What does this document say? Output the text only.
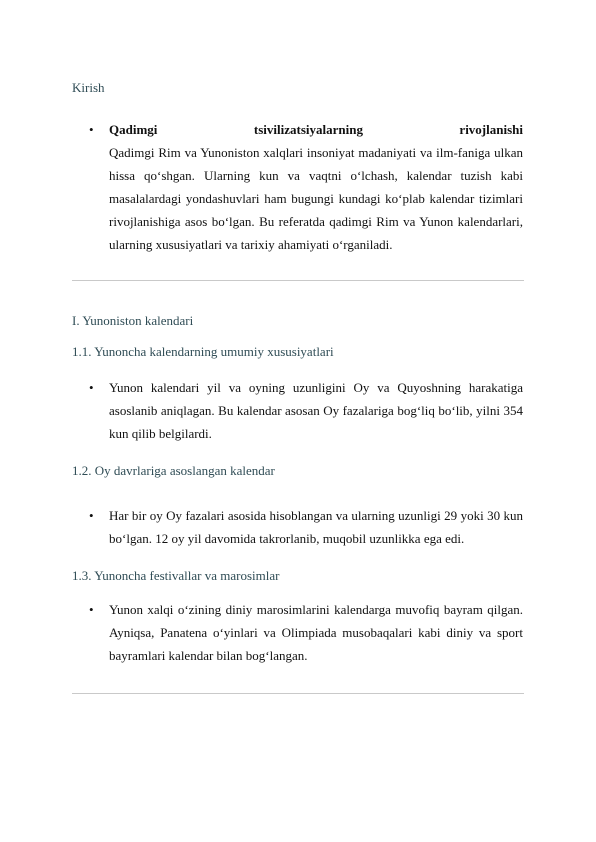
Kirish
• Qadimgi tsivilizatsiyalarning rivojlanishi
Qadimgi Rim va Yunoniston xalqlari insoniyat madaniyati va ilm-faniga ulkan hissa qo‘shgan. Ularning kun va vaqtni o‘lchash, kalendar tuzish kabi masalalardagi yondashuvlari ham bugungi kundagi ko‘plab kalendar tizimlari rivojlanishiga asos bo‘lgan. Bu referatda qadimgi Rim va Yunon kalendarlari, ularning xususiyatlari va tarixiy ahamiyati o‘rganiladi.
I. Yunoniston kalendari
1.1. Yunoncha kalendarning umumiy xususiyatlari
• Yunon kalendari yil va oyning uzunligini Oy va Quyoshning harakatiga asoslanib aniqlagan. Bu kalendar asosan Oy fazalariga bog‘liq bo‘lib, yilni 354 kun qilib belgilardi.
1.2. Oy davrlariga asoslangan kalendar
• Har bir oy Oy fazalari asosida hisoblangan va ularning uzunligi 29 yoki 30 kun bo‘lgan. 12 oy yil davomida takrorlanib, muqobil uzunlikka ega edi.
1.3. Yunoncha festivallar va marosimlar
• Yunon xalqi o‘zining diniy marosimlarini kalendarga muvofiq bayram qilgan. Ayniqsa, Panatena o‘yinlari va Olimpiada musobaqalari kabi diniy va sport bayramlari kalendar bilan bog‘langan.
